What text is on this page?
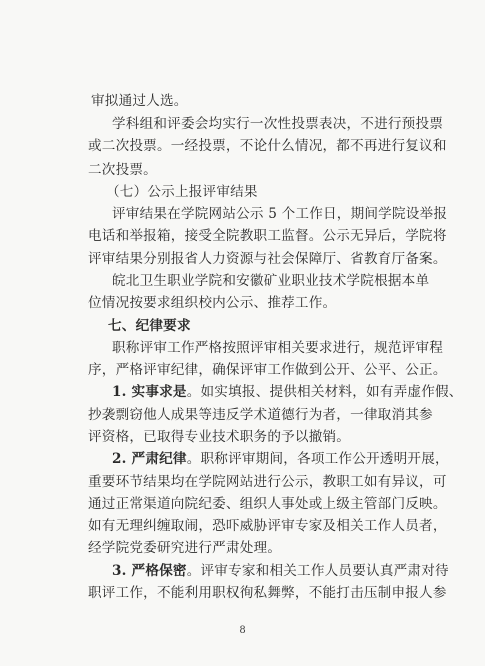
审拟通过人选。
学科组和评委会均实行一次性投票表决，不进行预投票
或二次投票。一经投票，不论什么情况，都不再进行复议和
二次投票。
（七）公示上报评审结果
评审结果在学院网站公示 5 个工作日，期间学院设举报
电话和举报箱，接受全院教职工监督。公示无异后，学院将
评审结果分别报省人力资源与社会保障厅、省教育厅备案。
皖北卫生职业学院和安徽矿业职业技术学院根据本单
位情况按要求组织校内公示、推荐工作。
七、纪律要求
职称评审工作严格按照评审相关要求进行，规范评审程
序，严格评审纪律，确保评审工作做到公开、公平、公正。
1. 实事求是。如实填报、提供相关材料，如有弄虚作假、
抄袭剽窃他人成果等违反学术道德行为者，一律取消其参
评资格，已取得专业技术职务的予以撤销。
2. 严肃纪律。职称评审期间，各项工作公开透明开展，
重要环节结果均在学院网站进行公示，教职工如有异议，可
通过正常渠道向院纪委、组织人事处或上级主管部门反映。
如有无理纠缠取闹，恐吓威胁评审专家及相关工作人员者，
经学院党委研究进行严肃处理。
3. 严格保密。评审专家和相关工作人员要认真严肃对待
职评工作，不能利用职权徇私舞弊，不能打击压制申报人参
8
